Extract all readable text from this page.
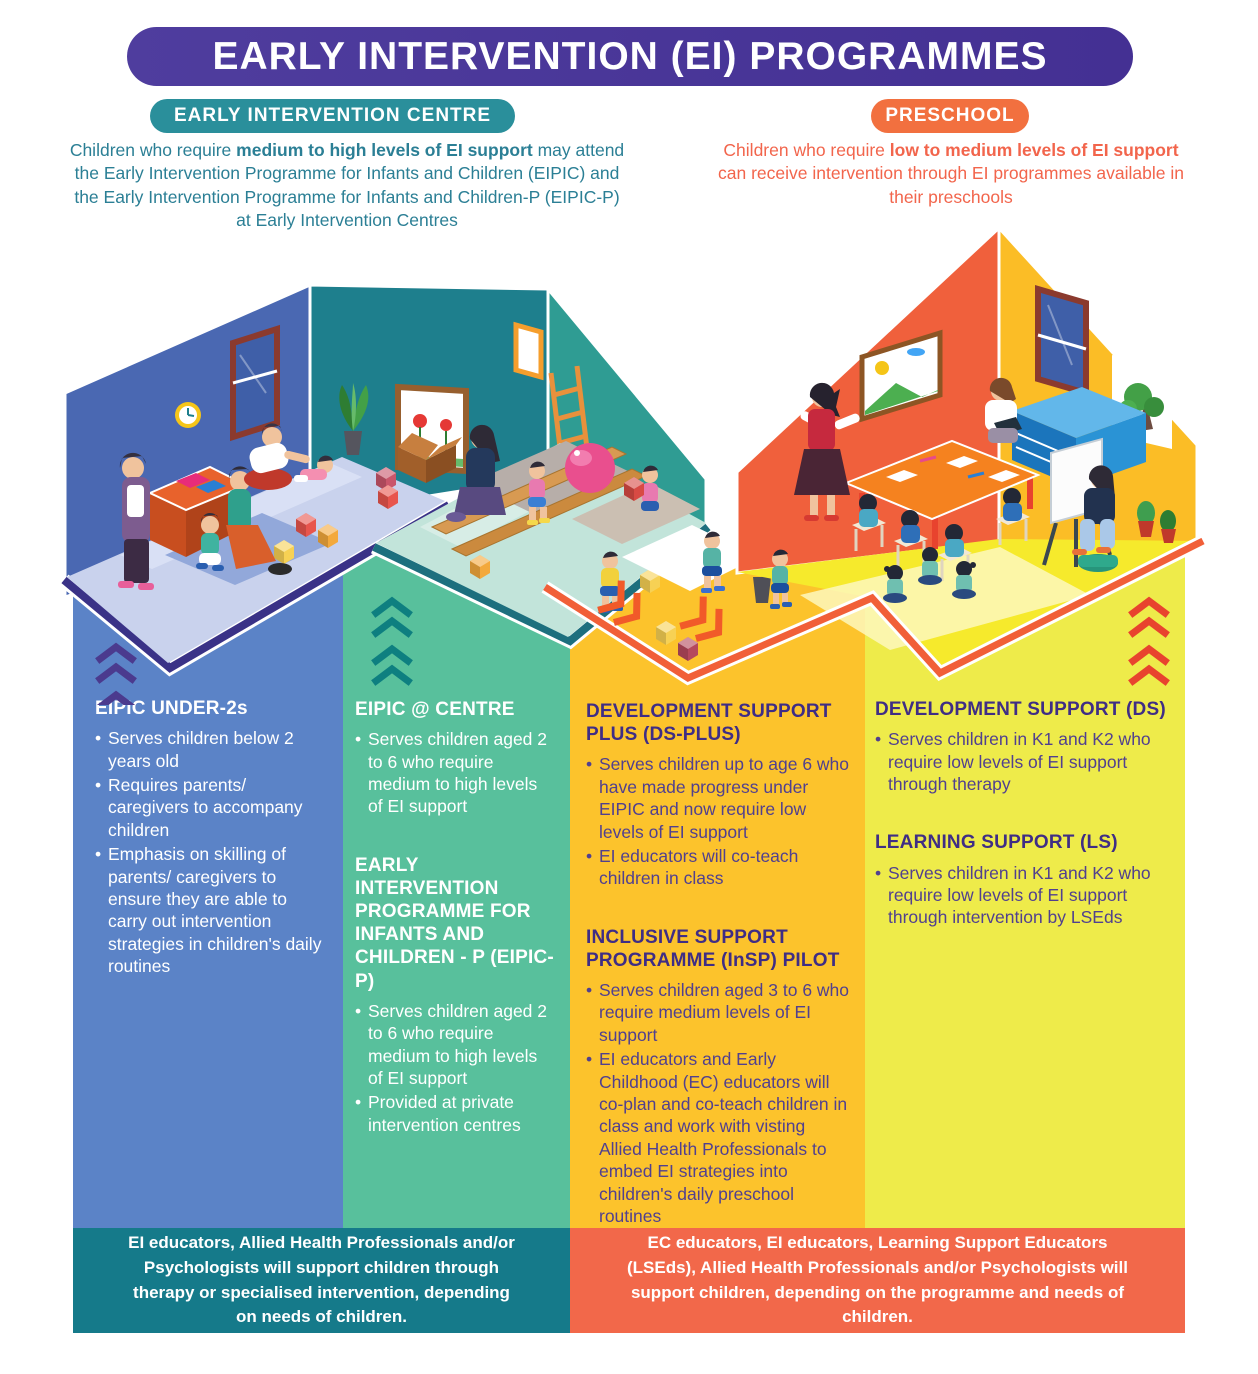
EARLY INTERVENTION (EI) PROGRAMMES
EARLY INTERVENTION CENTRE	PRESCHOOL
Children who require medium to high levels of EI support may attend the Early Intervention Programme for Infants and Children (EIPIC) and the Early Intervention Programme for Infants and Children-P (EIPIC-P) at Early Intervention Centres
Children who require low to medium levels of EI support can receive intervention through EI programmes available in their preschools
EIPIC UNDER-2s
• Serves children below 2 years old
• Requires parents/ caregivers to accompany children
• Emphasis on skilling of parents/ caregivers to ensure they are able to carry out intervention strategies in children's daily routines
EIPIC @ CENTRE
• Serves children aged 2 to 6 who require medium to high levels of EI support
EARLY INTERVENTION PROGRAMME FOR INFANTS AND CHILDREN - P (EIPIC-P)
• Serves children aged 2 to 6 who require medium to high levels of EI support
• Provided at private intervention centres
DEVELOPMENT SUPPORT PLUS (DS-PLUS)
• Serves children up to age 6 who have made progress under EIPIC and now require low levels of EI support
• EI educators will co-teach children in class
INCLUSIVE SUPPORT PROGRAMME (InSP) PILOT
• Serves children aged 3 to 6 who require medium levels of EI support
• EI educators and Early Childhood (EC) educators will co-plan and co-teach children in class and work with visting Allied Health Professionals to embed EI strategies into children's daily preschool routines
DEVELOPMENT SUPPORT (DS)
• Serves children in K1 and K2 who require low levels of EI support through therapy
LEARNING SUPPORT (LS)
• Serves children in K1 and K2 who require low levels of EI support through intervention by LSEds
EI educators, Allied Health Professionals and/or Psychologists will support children through therapy or specialised intervention, depending on needs of children.
EC educators, EI educators, Learning Support Educators (LSEds), Allied Health Professionals and/or Psychologists will support children, depending on the programme and needs of children.
